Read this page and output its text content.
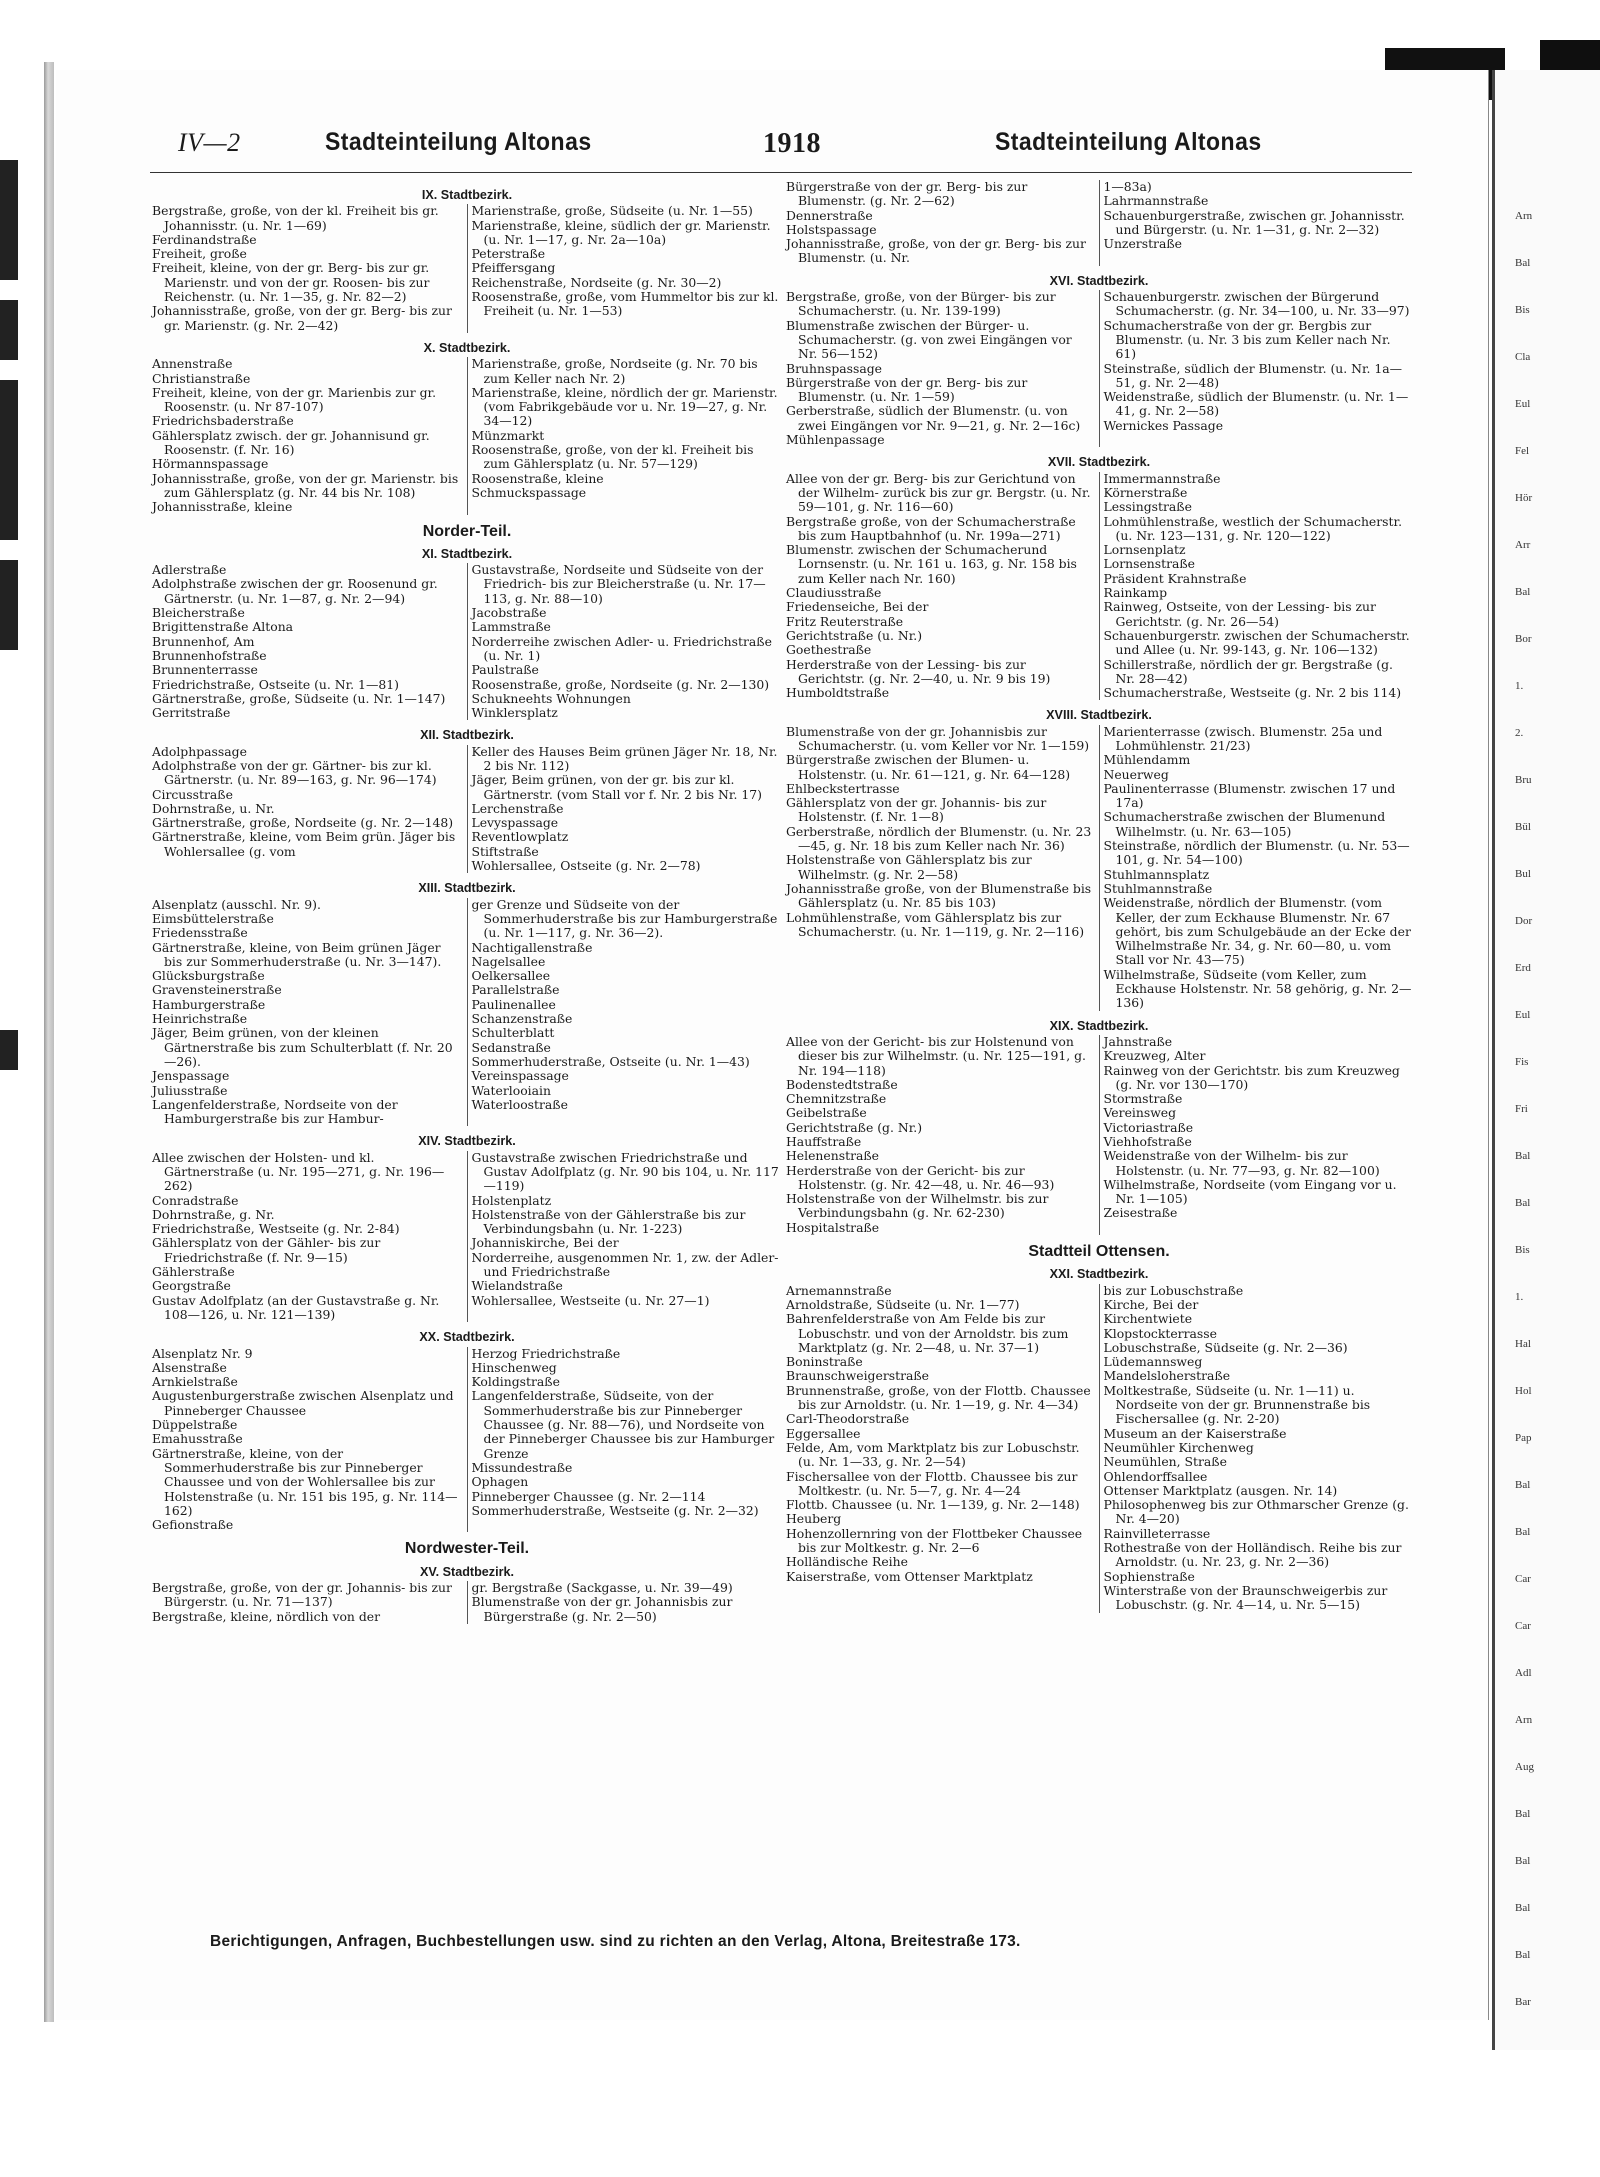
Arn
Bal
Bis
Cla
Eul
Fel
Hör
Arr
Bal
Bor
1.
2.
Bru
Bül
Bul
Dor
Erd
Eul
Fis
Fri
Bal
Bal
Bis
1.
Hal
Hol
Pap
Bal
Bal
Car
Car
Adl
Arn
Aug
Bal
Bal
Bal
Bal
Bar
IV—2	Stadteinteilung Altonas	1918	Stadteinteilung Altonas
IX. Stadtbezirk.
Bergstraße, große, von der kl. Freiheit bis gr. Johannisstr. (u. Nr. 1—69)
Ferdinandstraße
Freiheit, große
Freiheit, kleine, von der gr. Berg- bis zur gr. Marienstr. und von der gr. Roosen- bis zur Reichenstr. (u. Nr. 1—35, g. Nr. 82—2)
Johannisstraße, große, von der gr. Berg- bis zur gr. Marienstr. (g. Nr. 2—42)
Marienstraße, große, Südseite (u. Nr. 1—55)
Marienstraße, kleine, südlich der gr. Marienstr. (u. Nr. 1—17, g. Nr. 2a—10a)
Peterstraße
Pfeiffersgang
Reichenstraße, Nordseite (g. Nr. 30—2)
Roosenstraße, große, vom Hummeltor bis zur kl. Freiheit (u. Nr. 1—53)
X. Stadtbezirk.
Annenstraße
Christianstraße
Freiheit, kleine, von der gr. Marienbis zur gr. Roosenstr. (u. Nr 87-107)
Friedrichsbaderstraße
Gählersplatz zwisch. der gr. Johannisund gr. Roosenstr. (f. Nr. 16)
Hörmannspassage
Johannisstraße, große, von der gr. Marienstr. bis zum Gählersplatz (g. Nr. 44 bis Nr. 108)
Johannisstraße, kleine
Marienstraße, große, Nordseite (g. Nr. 70 bis zum Keller nach Nr. 2)
Marienstraße, kleine, nördlich der gr. Marienstr. (vom Fabrikgebäude vor u. Nr. 19—27, g. Nr. 34—12)
Münzmarkt
Roosenstraße, große, von der kl. Freiheit bis zum Gählersplatz (u. Nr. 57—129)
Roosenstraße, kleine
Schmuckspassage
Norder-Teil.
XI. Stadtbezirk.
Adlerstraße
Adolphstraße zwischen der gr. Roosenund gr. Gärtnerstr. (u. Nr. 1—87, g. Nr. 2—94)
Bleicherstraße
Brigittenstraße Altona
Brunnenhof, Am
Brunnenhofstraße
Brunnenterrasse
Friedrichstraße, Ostseite (u. Nr. 1—81)
Gärtnerstraße, große, Südseite (u. Nr. 1—147)
Gerritstraße
Gustavstraße, Nordseite und Südseite von der Friedrich- bis zur Bleicherstraße (u. Nr. 17—113, g. Nr. 88—10)
Jacobstraße
Lammstraße
Norderreihe zwischen Adler- u. Friedrichstraße (u. Nr. 1)
Paulstraße
Roosenstraße, große, Nordseite (g. Nr. 2—130)
Schukneehts Wohnungen
Winklersplatz
XII. Stadtbezirk.
Adolphpassage
Adolphstraße von der gr. Gärtner- bis zur kl. Gärtnerstr. (u. Nr. 89—163, g. Nr. 96—174)
Circusstraße
Dohrnstraße, u. Nr.
Gärtnerstraße, große, Nordseite (g. Nr. 2—148)
Gärtnerstraße, kleine, vom Beim grün. Jäger bis Wohlersallee (g. vom
Keller des Hauses Beim grünen Jäger Nr. 18, Nr. 2 bis Nr. 112)
Jäger, Beim grünen, von der gr. bis zur kl. Gärtnerstr. (vom Stall vor f. Nr. 2 bis Nr. 17)
Lerchenstraße
Levyspassage
Reventlowplatz
Stiftstraße
Wohlersallee, Ostseite (g. Nr. 2—78)
XIII. Stadtbezirk.
Alsenplatz (ausschl. Nr. 9).
Eimsbüttelerstraße
Friedensstraße
Gärtnerstraße, kleine, von Beim grünen Jäger bis zur Sommerhuderstraße (u. Nr. 3—147).
Glücksburgstraße
Gravensteinerstraße
Hamburgerstraße
Heinrichstraße
Jäger, Beim grünen, von der kleinen Gärtnerstraße bis zum Schulterblatt (f. Nr. 20—26).
Jenspassage
Juliusstraße
Langenfelderstraße, Nordseite von der Hamburgerstraße bis zur Hambur-
ger Grenze und Südseite von der Sommerhuderstraße bis zur Hamburgerstraße (u. Nr. 1—117, g. Nr. 36—2).
Nachtigallenstraße
Nagelsallee
Oelkersallee
Parallelstraße
Paulinenallee
Schanzenstraße
Schulterblatt
Sedanstraße
Sommerhuderstraße, Ostseite (u. Nr. 1—43)
Vereinspassage
Waterlooiain
Waterloostraße
XIV. Stadtbezirk.
Allee zwischen der Holsten- und kl. Gärtnerstraße (u. Nr. 195—271, g. Nr. 196—262)
Conradstraße
Dohrnstraße, g. Nr.
Friedrichstraße, Westseite (g. Nr. 2-84)
Gählersplatz von der Gähler- bis zur Friedrichstraße (f. Nr. 9—15)
Gählerstraße
Georgstraße
Gustav Adolfplatz (an der Gustavstraße g. Nr. 108—126, u. Nr. 121—139)
Gustavstraße zwischen Friedrichstraße und Gustav Adolfplatz (g. Nr. 90 bis 104, u. Nr. 117—119)
Holstenplatz
Holstenstraße von der Gählerstraße bis zur Verbindungsbahn (u. Nr. 1-223)
Johanniskirche, Bei der
Norderreihe, ausgenommen Nr. 1, zw. der Adler- und Friedrichstraße
Wielandstraße
Wohlersallee, Westseite (u. Nr. 27—1)
XX. Stadtbezirk.
Alsenplatz Nr. 9
Alsenstraße
Arnkielstraße
Augustenburgerstraße zwischen Alsenplatz und Pinneberger Chaussee
Düppelstraße
Emahusstraße
Gärtnerstraße, kleine, von der Sommerhuderstraße bis zur Pinneberger Chaussee und von der Wohlersallee bis zur Holstenstraße (u. Nr. 151 bis 195, g. Nr. 114—162)
Gefionstraße
Herzog Friedrichstraße
Hinschenweg
Koldingstraße
Langenfelderstraße, Südseite, von der Sommerhuderstraße bis zur Pinneberger Chaussee (g. Nr. 88—76), und Nordseite von der Pinneberger Chaussee bis zur Hamburger Grenze
Missundestraße
Ophagen
Pinneberger Chaussee (g. Nr. 2—114
Sommerhuderstraße, Westseite (g. Nr. 2—32)
Nordwester-Teil.
XV. Stadtbezirk.
Bergstraße, große, von der gr. Johannis- bis zur Bürgerstr. (u. Nr. 71—137)
Bergstraße, kleine, nördlich von der
gr. Bergstraße (Sackgasse, u. Nr. 39—49)
Blumenstraße von der gr. Johannisbis zur Bürgerstraße (g. Nr. 2—50)
Bürgerstraße von der gr. Berg- bis zur Blumenstr. (g. Nr. 2—62)
Dennerstraße
Holstspassage
Johannisstraße, große, von der gr. Berg- bis zur Blumenstr. (u. Nr.
1—83a)
Lahrmannstraße
Schauenburgerstraße, zwischen gr. Johannisstr. und Bürgerstr. (u. Nr. 1—31, g. Nr. 2—32)
Unzerstraße
XVI. Stadtbezirk.
Bergstraße, große, von der Bürger- bis zur Schumacherstr. (u. Nr. 139-199)
Blumenstraße zwischen der Bürger- u. Schumacherstr. (g. von zwei Eingängen vor Nr. 56—152)
Bruhnspassage
Bürgerstraße von der gr. Berg- bis zur Blumenstr. (u. Nr. 1—59)
Gerberstraße, südlich der Blumenstr. (u. von zwei Eingängen vor Nr. 9—21, g. Nr. 2—16c)
Mühlenpassage
Schauenburgerstr. zwischen der Bürgerund Schumacherstr. (g. Nr. 34—100, u. Nr. 33—97)
Schumacherstraße von der gr. Bergbis zur Blumenstr. (u. Nr. 3 bis zum Keller nach Nr. 61)
Steinstraße, südlich der Blumenstr. (u. Nr. 1a—51, g. Nr. 2—48)
Weidenstraße, südlich der Blumenstr. (u. Nr. 1—41, g. Nr. 2—58)
Wernickes Passage
XVII. Stadtbezirk.
Allee von der gr. Berg- bis zur Gerichtund von der Wilhelm- zurück bis zur gr. Bergstr. (u. Nr. 59—101, g. Nr. 116—60)
Bergstraße große, von der Schumacherstraße bis zum Hauptbahnhof (u. Nr. 199a—271)
Blumenstr. zwischen der Schumacherund Lornsenstr. (u. Nr. 161 u. 163, g. Nr. 158 bis zum Keller nach Nr. 160)
Claudiusstraße
Friedenseiche, Bei der
Fritz Reuterstraße
Gerichtstraße (u. Nr.)
Goethestraße
Herderstraße von der Lessing- bis zur Gerichtstr. (g. Nr. 2—40, u. Nr. 9 bis 19)
Humboldtstraße
Immermannstraße
Körnerstraße
Lessingstraße
Lohmühlenstraße, westlich der Schumacherstr. (u. Nr. 123—131, g. Nr. 120—122)
Lornsenplatz
Lornsenstraße
Präsident Krahnstraße
Rainkamp
Rainweg, Ostseite, von der Lessing- bis zur Gerichtstr. (g. Nr. 26—54)
Schauenburgerstr. zwischen der Schumacherstr. und Allee (u. Nr. 99-143, g. Nr. 106—132)
Schillerstraße, nördlich der gr. Bergstraße (g. Nr. 28—42)
Schumacherstraße, Westseite (g. Nr. 2 bis 114)
XVIII. Stadtbezirk.
Blumenstraße von der gr. Johannisbis zur Schumacherstr. (u. vom Keller vor Nr. 1—159)
Bürgerstraße zwischen der Blumen- u. Holstenstr. (u. Nr. 61—121, g. Nr. 64—128)
Ehlbeckstertrasse
Gählersplatz von der gr. Johannis- bis zur Holstenstr. (f. Nr. 1—8)
Gerberstraße, nördlich der Blumenstr. (u. Nr. 23—45, g. Nr. 18 bis zum Keller nach Nr. 36)
Holstenstraße von Gählersplatz bis zur Wilhelmstr. (g. Nr. 2—58)
Johannisstraße große, von der Blumenstraße bis Gählersplatz (u. Nr. 85 bis 103)
Lohmühlenstraße, vom Gählersplatz bis zur Schumacherstr. (u. Nr. 1—119, g. Nr. 2—116)
Marienterrasse (zwisch. Blumenstr. 25a und Lohmühlenstr. 21/23)
Mühlendamm
Neuerweg
Paulinenterrasse (Blumenstr. zwischen 17 und 17a)
Schumacherstraße zwischen der Blumenund Wilhelmstr. (u. Nr. 63—105)
Steinstraße, nördlich der Blumenstr. (u. Nr. 53—101, g. Nr. 54—100)
Stuhlmannsplatz
Stuhlmannstraße
Weidenstraße, nördlich der Blumenstr. (vom Keller, der zum Eckhause Blumenstr. Nr. 67 gehört, bis zum Schulgebäude an der Ecke der Wilhelmstraße Nr. 34, g. Nr. 60—80, u. vom Stall vor Nr. 43—75)
Wilhelmstraße, Südseite (vom Keller, zum Eckhause Holstenstr. Nr. 58 gehörig, g. Nr. 2—136)
XIX. Stadtbezirk.
Allee von der Gericht- bis zur Holstenund von dieser bis zur Wilhelmstr. (u. Nr. 125—191, g. Nr. 194—118)
Bodenstedtstraße
Chemnitzstraße
Geibelstraße
Gerichtstraße (g. Nr.)
Hauffstraße
Helenenstraße
Herderstraße von der Gericht- bis zur Holstenstr. (g. Nr. 42—48, u. Nr. 46—93)
Holstenstraße von der Wilhelmstr. bis zur Verbindungsbahn (g. Nr. 62-230)
Hospitalstraße
Jahnstraße
Kreuzweg, Alter
Rainweg von der Gerichtstr. bis zum Kreuzweg (g. Nr. vor 130—170)
Stormstraße
Vereinsweg
Victoriastraße
Viehhofstraße
Weidenstraße von der Wilhelm- bis zur Holstenstr. (u. Nr. 77—93, g. Nr. 82—100)
Wilhelmstraße, Nordseite (vom Eingang vor u. Nr. 1—105)
Zeisestraße
Stadtteil Ottensen.
XXI. Stadtbezirk.
Arnemannstraße
Arnoldstraße, Südseite (u. Nr. 1—77)
Bahrenfelderstraße von Am Felde bis zur Lobuschstr. und von der Arnoldstr. bis zum Marktplatz (g. Nr. 2—48, u. Nr. 37—1)
Boninstraße
Braunschweigerstraße
Brunnenstraße, große, von der Flottb. Chaussee bis zur Arnoldstr. (u. Nr. 1—19, g. Nr. 4—34)
Carl-Theodorstraße
Eggersallee
Felde, Am, vom Marktplatz bis zur Lobuschstr. (u. Nr. 1—33, g. Nr. 2—54)
Fischersallee von der Flottb. Chaussee bis zur Moltkestr. (u. Nr. 5—7, g. Nr. 4—24
Flottb. Chaussee (u. Nr. 1—139, g. Nr. 2—148)
Heuberg
Hohenzollernring von der Flottbeker Chaussee bis zur Moltkestr. g. Nr. 2—6
Holländische Reihe
Kaiserstraße, vom Ottenser Marktplatz
bis zur Lobuschstraße
Kirche, Bei der
Kirchentwiete
Klopstockterrasse
Lobuschstraße, Südseite (g. Nr. 2—36)
Lüdemannsweg
Mandelsloherstraße
Moltkestraße, Südseite (u. Nr. 1—11) u. Nordseite von der gr. Brunnenstraße bis Fischersallee (g. Nr. 2-20)
Museum an der Kaiserstraße
Neumühler Kirchenweg
Neumühlen, Straße
Ohlendorffsallee
Ottenser Marktplatz (ausgen. Nr. 14)
Philosophenweg bis zur Othmarscher Grenze (g. Nr. 4—20)
Rainvilleterrasse
Rothestraße von der Holländisch. Reihe bis zur Arnoldstr. (u. Nr. 23, g. Nr. 2—36)
Sophienstraße
Winterstraße von der Braunschweigerbis zur Lobuschstr. (g. Nr. 4—14, u. Nr. 5—15)
Berichtigungen, Anfragen, Buchbestellungen usw. sind zu richten an den Verlag, Altona, Breitestraße 173.
